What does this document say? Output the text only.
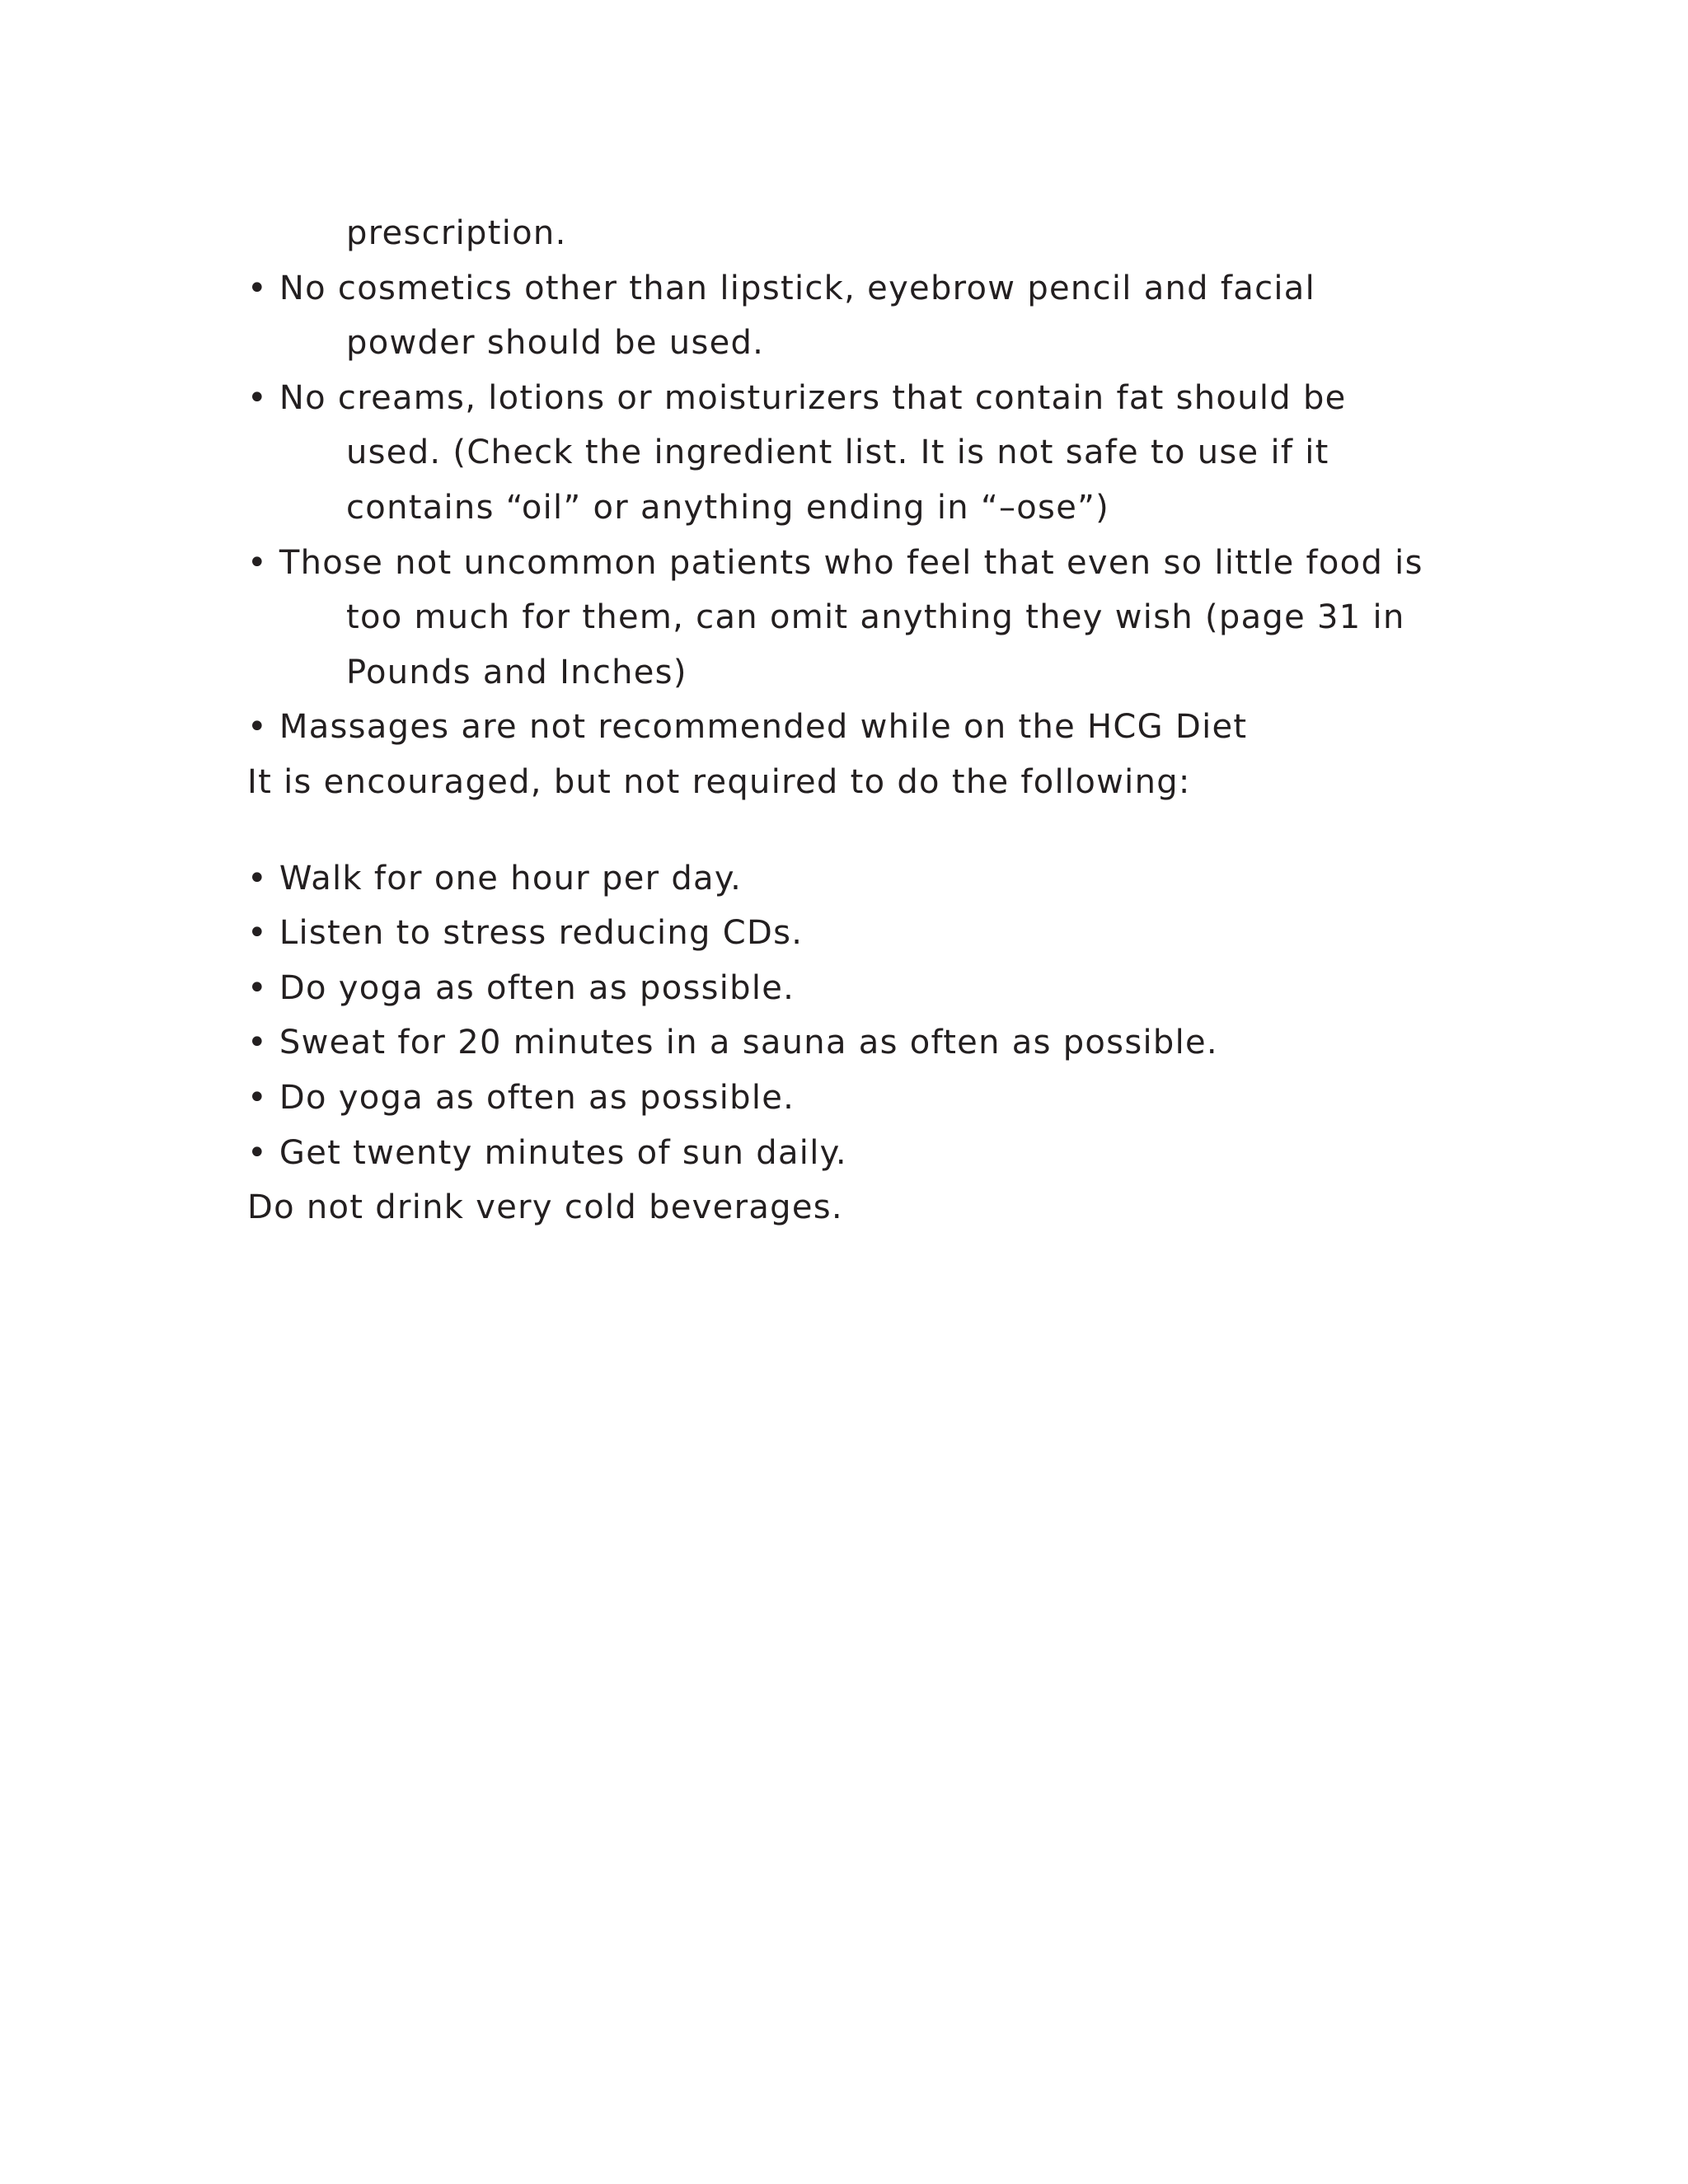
prescription.
• No cosmetics other than lipstick, eyebrow pencil and facial
powder should be used.
• No creams, lotions or moisturizers that contain fat should be
used. (Check the ingredient list. It is not safe to use if it
contains “oil” or anything ending in “–ose”)
• Those not uncommon patients who feel that even so little food is
too much for them, can omit anything they wish (page 31 in
Pounds and Inches)
• Massages are not recommended while on the HCG Diet
It is encouraged, but not required to do the following:
• Walk for one hour per day.
• Listen to stress reducing CDs.
• Do yoga as often as possible.
• Sweat for 20 minutes in a sauna as often as possible.
• Do yoga as often as possible.
• Get twenty minutes of sun daily.
Do not drink very cold beverages.
